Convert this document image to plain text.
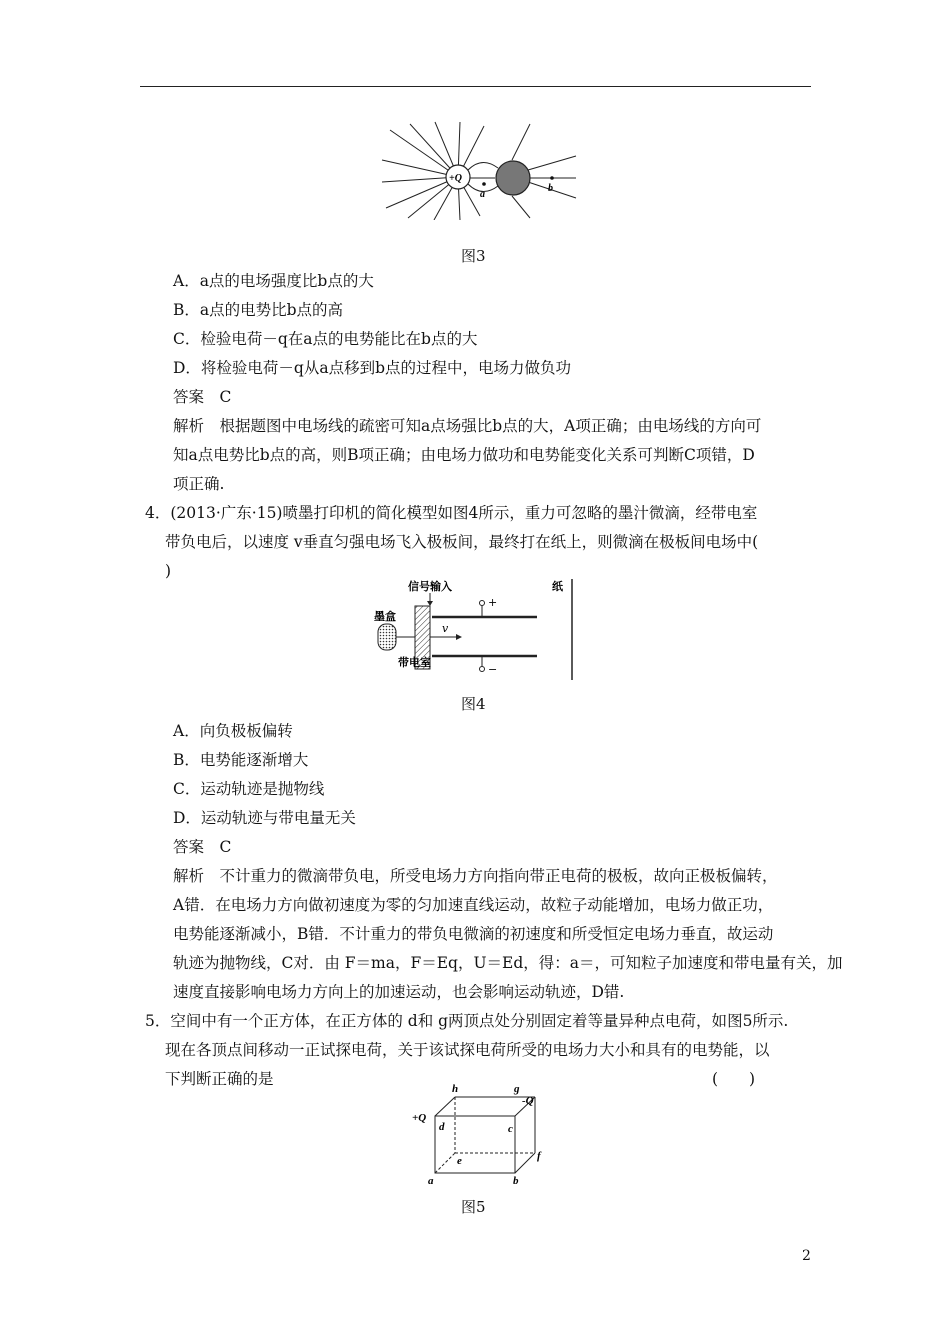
+Q
a
b
图3
A．a点的电场强度比b点的大
B．a点的电势比b点的高
C．检验电荷－q在a点的电势能比在b点的大
D．将检验电荷－q从a点移到b点的过程中，电场力做负功
答案　C
解析　根据题图中电场线的疏密可知a点场强比b点的大，A项正确；由电场线的方向可
知a点电势比b点的高，则B项正确；由电场力做功和电势能变化关系可判断C项错，D
项正确.
4．(2013·广东·15)喷墨打印机的简化模型如图4所示，重力可忽略的墨汁微滴，经带电室
带负电后，以速度 v垂直匀强电场飞入极板间，最终打在纸上，则微滴在极板间电场中(
)
信号输入
墨盒
v
+
−
带电室
纸
图4
A．向负极板偏转
B．电势能逐渐增大
C．运动轨迹是抛物线
D．运动轨迹与带电量无关
答案　C
解析　不计重力的微滴带负电，所受电场力方向指向带正电荷的极板，故向正极板偏转，
A错．在电场力方向做初速度为零的匀加速直线运动，故粒子动能增加，电场力做正功，
电势能逐渐减小，B错．不计重力的带负电微滴的初速度和所受恒定电场力垂直，故运动
轨迹为抛物线，C对．由 F＝ma，F＝Eq，U＝Ed，得：a＝，可知粒子加速度和带电量有关，加
速度直接影响电场力方向上的加速运动，也会影响运动轨迹，D错.
5．空间中有一个正方体，在正方体的 d和 g两顶点处分别固定着等量异种点电荷，如图5所示.
现在各顶点间移动一正试探电荷，关于该试探电荷所受的电场力大小和具有的电势能，以
下判断正确的是	(　　)
h	g
-Q
+Q
d	c
e	f
a	b
图5
2
